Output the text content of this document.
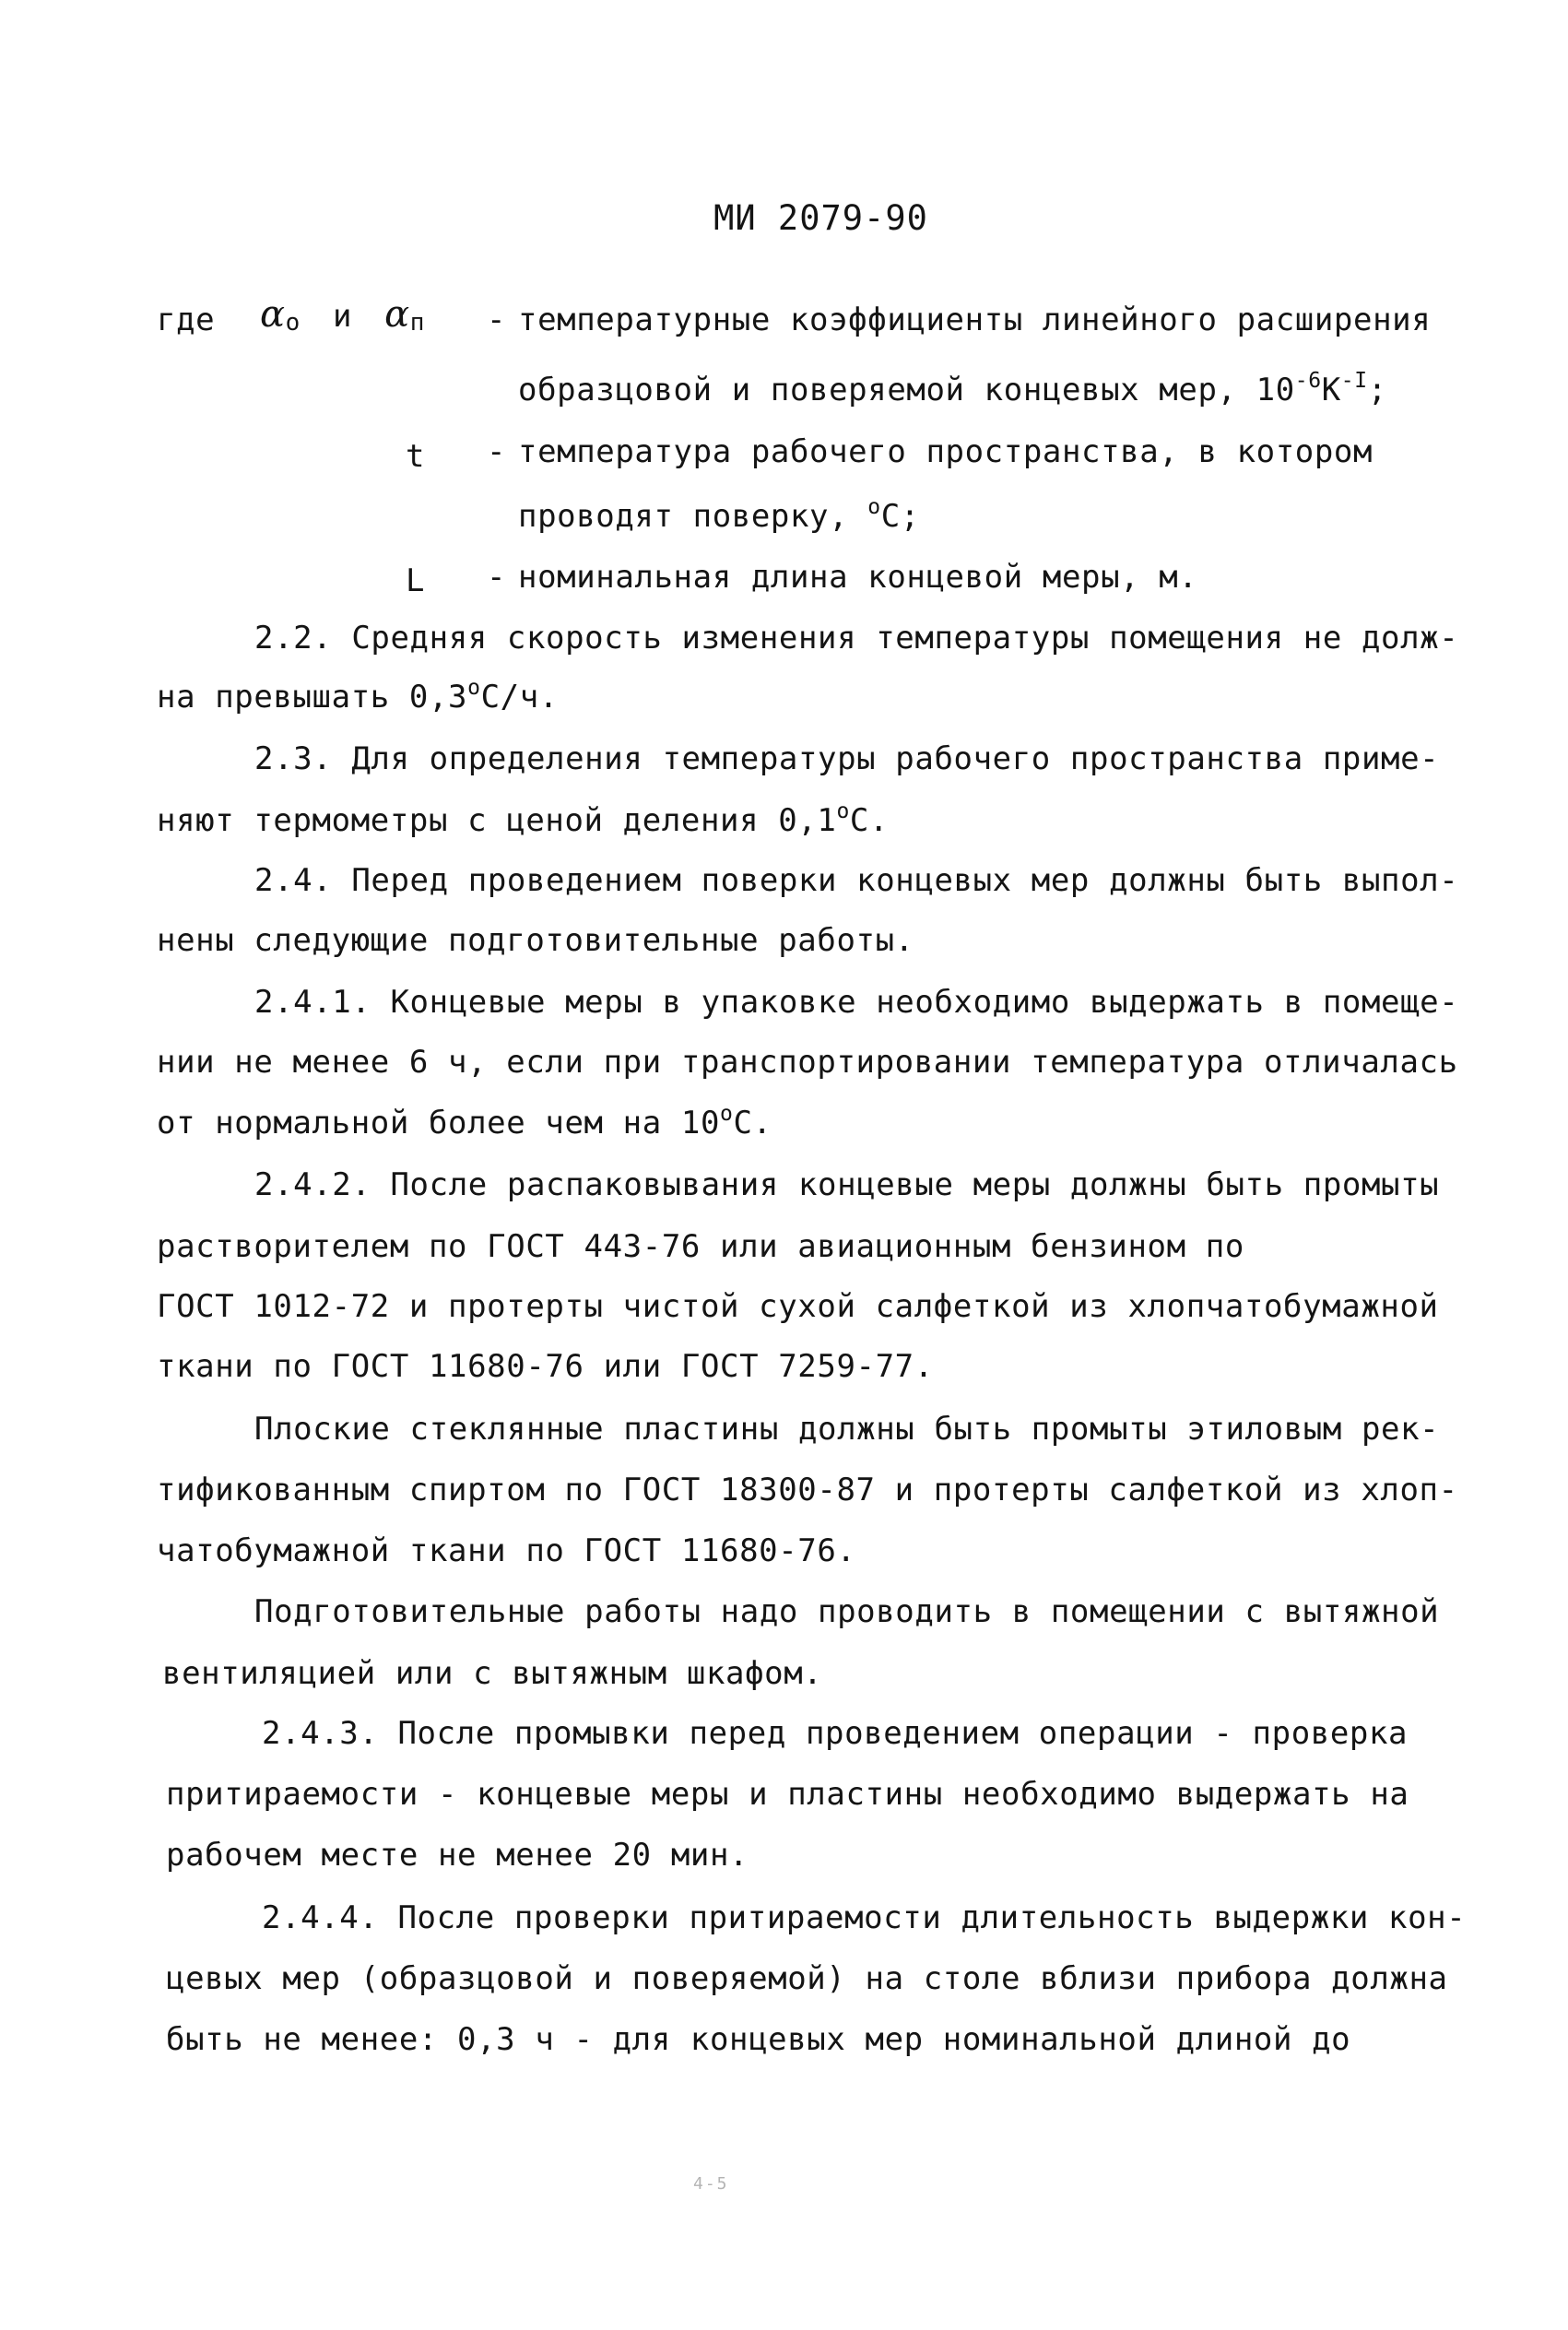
МИ 2079-90
где $\alpha_о$ и $\alpha_п$ - температурные коэффициенты линейного расширения
образцовой и поверяемой концевых мер, $10^{-6}К^{-I}$;
t - температура рабочего пространства, в котором
проводят поверку, $^o$С;
L - номинальная длина концевой меры, м.
2.2. Средняя скорость изменения температуры помещения не долж-
на превышать 0,3$^o$С/ч.
2.3. Для определения температуры рабочего пространства приме-
няют термометры с ценой деления 0,1$^o$С.
2.4. Перед проведением поверки концевых мер должны быть выпол-
нены следующие подготовительные работы.
2.4.1. Концевые меры в упаковке необходимо выдержать в помеще-
нии не менее 6 ч, если при транспортировании температура отличалась
от нормальной более чем на 10$^o$С.
2.4.2. После распаковывания концевые меры должны быть промыты
растворителем по ГОСТ 443-76 или авиационным бензином по
ГОСТ 1012-72 и протерты чистой сухой салфеткой из хлопчатобумажной
ткани по ГОСТ 11680-76 или ГОСТ 7259-77.
Плоские стеклянные пластины должны быть промыты этиловым рек-
тификованным спиртом по ГОСТ 18300-87 и протерты салфеткой из хлоп-
чатобумажной ткани по ГОСТ 11680-76.
Подготовительные работы надо проводить в помещении с вытяжной
вентиляцией или с вытяжным шкафом.
2.4.3. После промывки перед проведением операции - проверка
притираемости - концевые меры и пластины необходимо выдержать на
рабочем месте не менее 20 мин.
2.4.4. После проверки притираемости длительность выдержки кон-
цевых мер (образцовой и поверяемой) на столе вблизи прибора должна
быть не менее: 0,3 ч - для концевых мер номинальной длиной до
4-5
